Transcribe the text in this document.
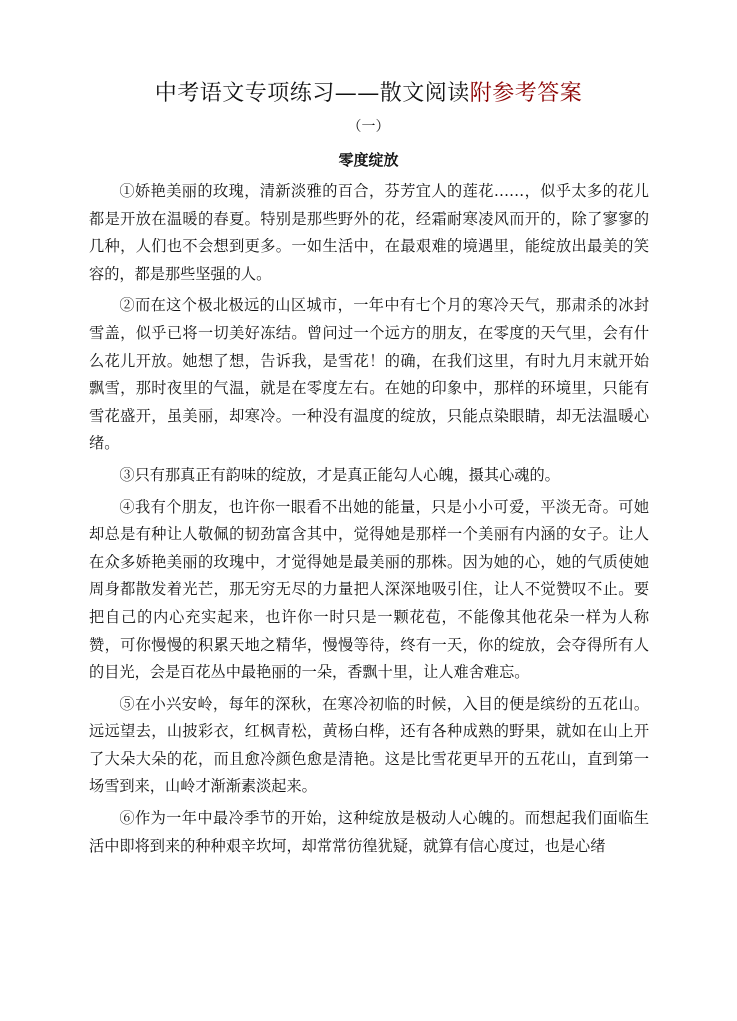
中考语文专项练习——散文阅读附参考答案
（一）
零度绽放

①娇艳美丽的玫瑰，清新淡雅的百合，芬芳宜人的莲花……，似乎太多的花儿都是开放在温暖的春夏。特别是那些野外的花，经霜耐寒凌风而开的，除了寥寥的几种，人们也不会想到更多。一如生活中，在最艰难的境遇里，能绽放出最美的笑容的，都是那些坚强的人。

②而在这个极北极远的山区城市，一年中有七个月的寒冷天气，那肃杀的冰封雪盖，似乎已将一切美好冻结。曾问过一个远方的朋友，在零度的天气里，会有什么花儿开放。她想了想，告诉我，是雪花！的确，在我们这里，有时九月末就开始飘雪，那时夜里的气温，就是在零度左右。在她的印象中，那样的环境里，只能有雪花盛开，虽美丽，却寒冷。一种没有温度的绽放，只能点染眼睛，却无法温暖心绪。

③只有那真正有韵味的绽放，才是真正能勾人心魄，摄其心魂的。

④我有个朋友，也许你一眼看不出她的能量，只是小小可爱，平淡无奇。可她却总是有种让人敬佩的韧劲富含其中，觉得她是那样一个美丽有内涵的女子。让人在众多娇艳美丽的玫瑰中，才觉得她是最美丽的那株。因为她的心，她的气质使她周身都散发着光芒，那无穷无尽的力量把人深深地吸引住，让人不觉赞叹不止。要把自己的内心充实起来，也许你一时只是一颗花苞，不能像其他花朵一样为人称赞，可你慢慢的积累天地之精华，慢慢等待，终有一天，你的绽放，会夺得所有人的目光，会是百花丛中最艳丽的一朵，香飘十里，让人难舍难忘。

⑤在小兴安岭，每年的深秋，在寒冷初临的时候，入目的便是缤纷的五花山。远远望去，山披彩衣，红枫青松，黄杨白桦，还有各种成熟的野果，就如在山上开了大朵大朵的花，而且愈冷颜色愈是清艳。这是比雪花更早开的五花山，直到第一场雪到来，山岭才渐渐素淡起来。

⑥作为一年中最冷季节的开始，这种绽放是极动人心魄的。而想起我们面临生活中即将到来的种种艰辛坎坷，却常常彷徨犹疑，就算有信心度过，也是心绪
